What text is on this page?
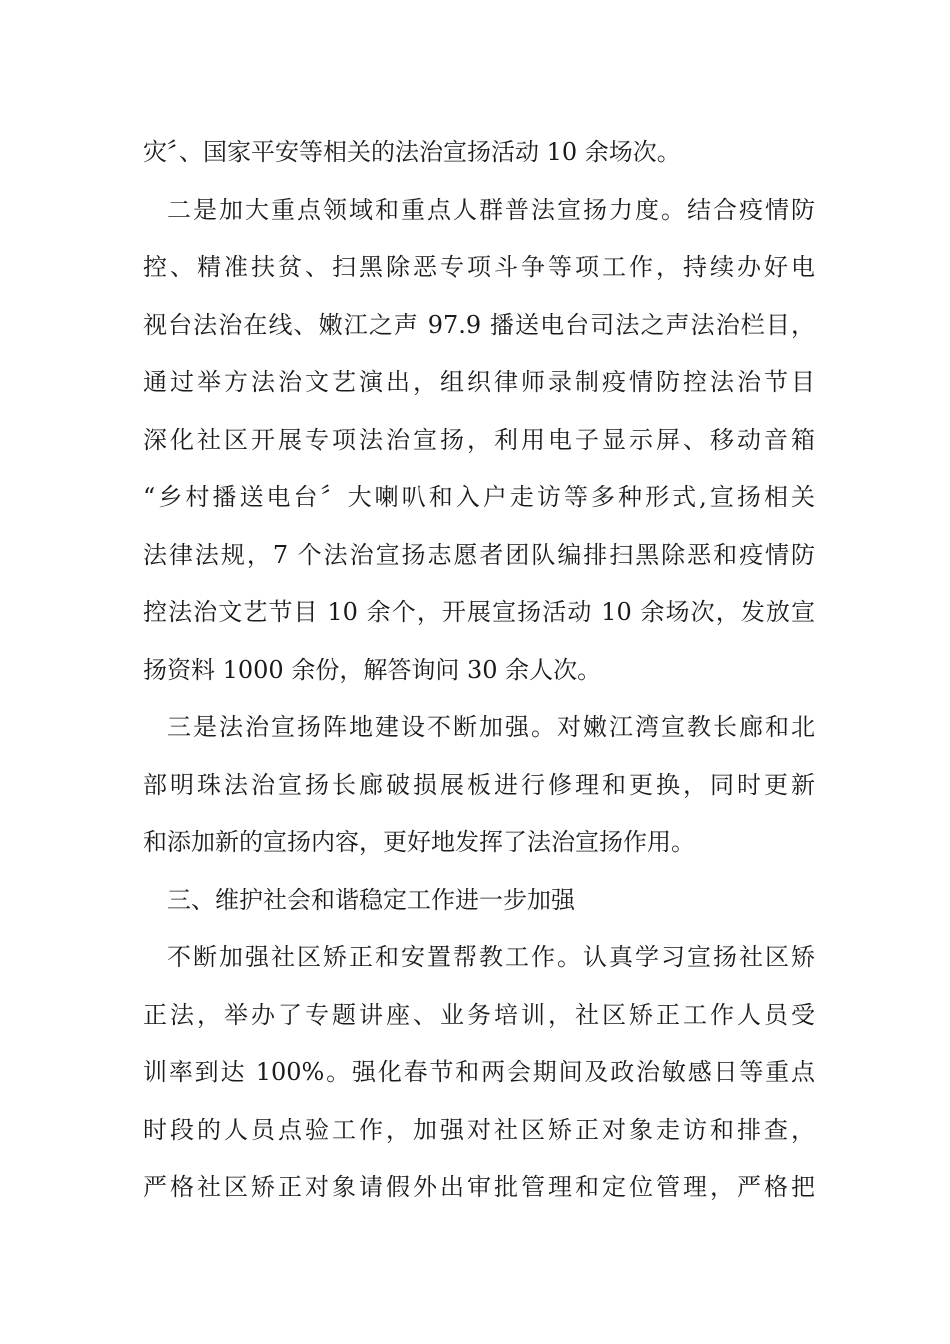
灾〞、国家平安等相关的法治宣扬活动 10 余场次。
二是加大重点领域和重点人群普法宣扬力度。结合疫情防
控、精准扶贫、扫黑除恶专项斗争等项工作，持续办好电
视台法治在线、嫩江之声 97.9 播送电台司法之声法治栏目，
通过举方法治文艺演出，组织律师录制疫情防控法治节目
深化社区开展专项法治宣扬，利用电子显示屏、移动音箱
“乡村播送电台〞大喇叭和入户走访等多种形式,宣扬相关
法律法规，7 个法治宣扬志愿者团队编排扫黑除恶和疫情防
控法治文艺节目 10 余个，开展宣扬活动 10 余场次，发放宣
扬资料 1000 余份，解答询问 30 余人次。
三是法治宣扬阵地建设不断加强。对嫩江湾宣教长廊和北
部明珠法治宣扬长廊破损展板进行修理和更换，同时更新
和添加新的宣扬内容，更好地发挥了法治宣扬作用。
三、维护社会和谐稳定工作进一步加强
不断加强社区矫正和安置帮教工作。认真学习宣扬社区矫
正法，举办了专题讲座、业务培训，社区矫正工作人员受
训率到达 100%。强化春节和两会期间及政治敏感日等重点
时段的人员点验工作，加强对社区矫正对象走访和排查，
严格社区矫正对象请假外出审批管理和定位管理，严格把
